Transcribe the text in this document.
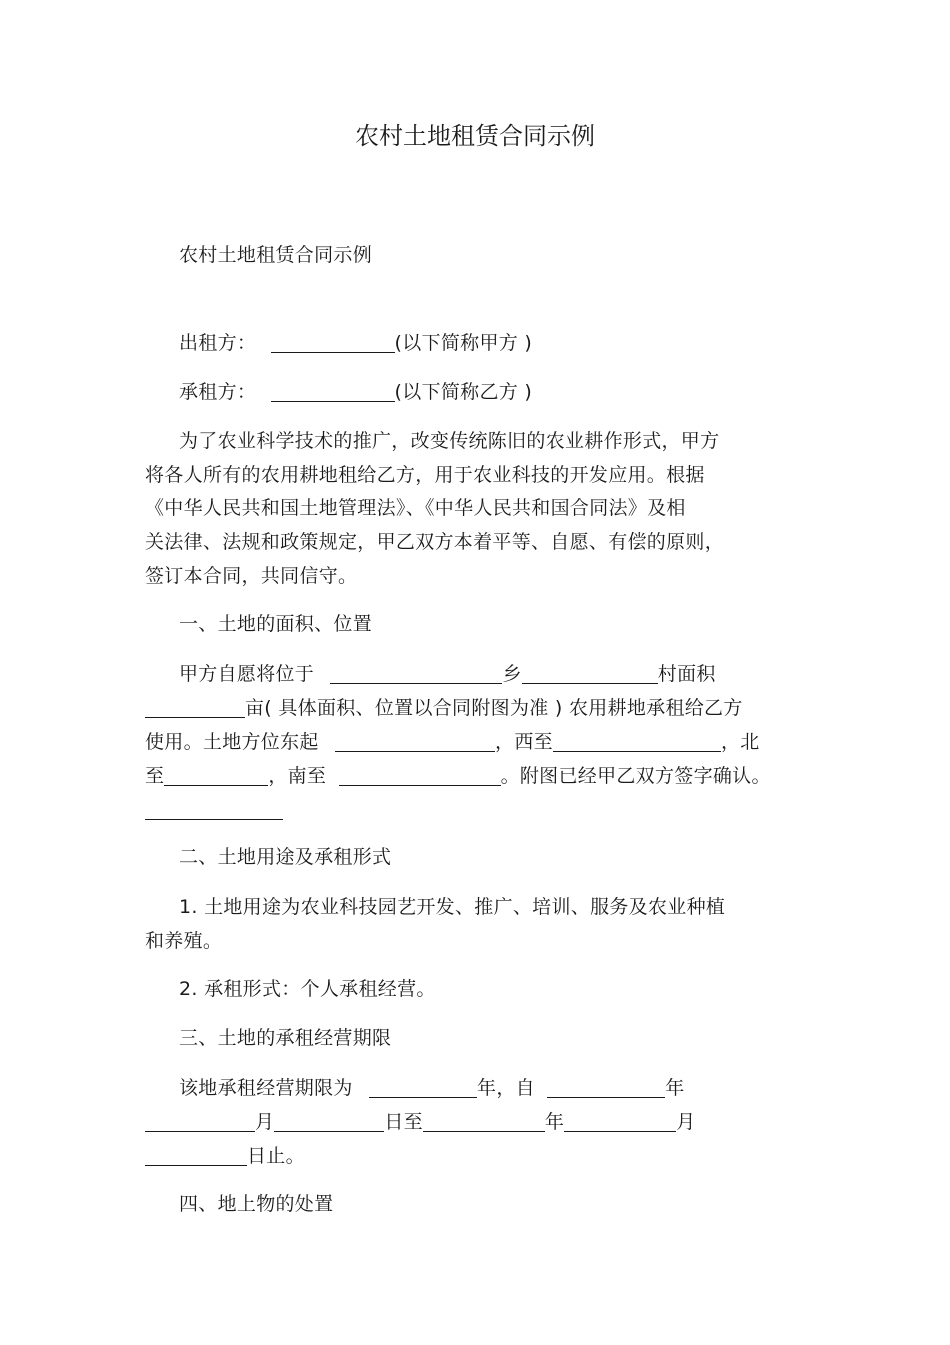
农村土地租赁合同示例
农村土地租赁合同示例
出租方：	(以下简称甲方 )
承租方：	(以下简称乙方 )
为了农业科学技术的推广，改变传统陈旧的农业耕作形式，甲方
将各人所有的农用耕地租给乙方，用于农业科技的开发应用。根据
《中华人民共和国土地管理法》、《中华人民共和国合同法》及相
关法律、法规和政策规定，甲乙双方本着平等、自愿、有偿的原则，
签订本合同，共同信守。
一、土地的面积、位置
甲方自愿将位于	乡	村面积
亩( 具体面积、位置以合同附图为准 ) 农用耕地承租给乙方
使用。土地方位东起	，西至	，北
至	，南至	。附图已经甲乙双方签字确认。
二、土地用途及承租形式
1. 土地用途为农业科技园艺开发、推广、培训、服务及农业种植
和养殖。
2. 承租形式：个人承租经营。
三、土地的承租经营期限
该地承租经营期限为	年，自	年
月	日至	年	月
日止。
四、地上物的处置
